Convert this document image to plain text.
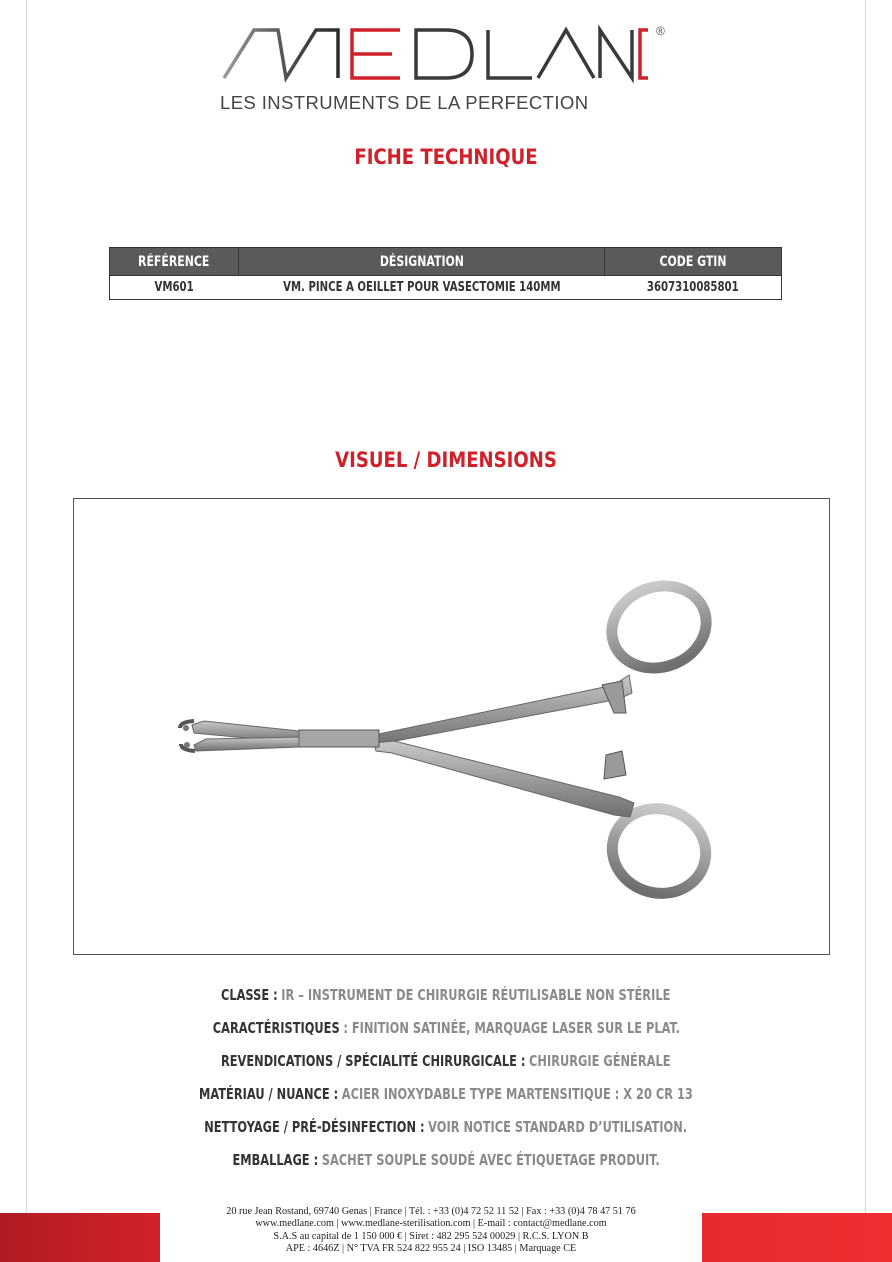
®
LES INSTRUMENTS DE LA PERFECTION
FICHE TECHNIQUE
RÉFÉRENCE	DÉSIGNATION	CODE GTIN
VM601	VM. PINCE A OEILLET POUR VASECTOMIE 140MM	3607310085801
VISUEL / DIMENSIONS
CLASSE : IR – INSTRUMENT DE CHIRURGIE RÉUTILISABLE NON STÉRILE
CARACTÉRISTIQUES : FINITION SATINÉE, MARQUAGE LASER SUR LE PLAT.
REVENDICATIONS / SPÉCIALITÉ CHIRURGICALE : CHIRURGIE GÉNÉRALE
MATÉRIAU / NUANCE : ACIER INOXYDABLE TYPE MARTENSITIQUE : X 20 CR 13
NETTOYAGE / PRÉ-DÉSINFECTION : VOIR NOTICE STANDARD D’UTILISATION.
EMBALLAGE : SACHET SOUPLE SOUDÉ AVEC ÉTIQUETAGE PRODUIT.
20 rue Jean Rostand, 69740 Genas | France | Tél. : +33 (0)4 72 52 11 52 | Fax : +33 (0)4 78 47 51 76
www.medlane.com | www.medlane-sterilisation.com | E-mail : contact@medlane.com
S.A.S au capital de 1 150 000 € | Siret : 482 295 524 00029 | R.C.S. LYON B
APE : 4646Z | N° TVA FR 524 822 955 24 | ISO 13485 | Marquage CE
